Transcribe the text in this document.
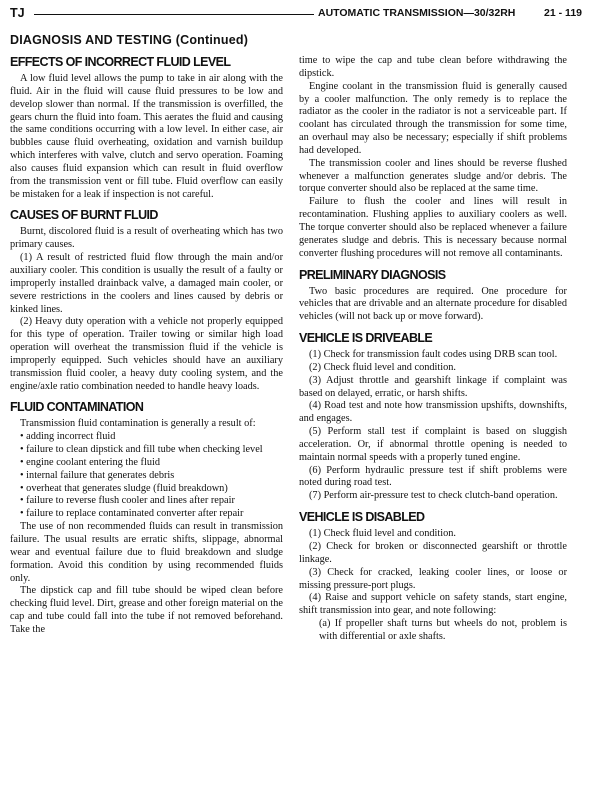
TJ	AUTOMATIC TRANSMISSION—30/32RH	21 - 119
DIAGNOSIS AND TESTING (Continued)
EFFECTS OF INCORRECT FLUID LEVEL

A low fluid level allows the pump to take in air along with the fluid. Air in the fluid will cause fluid pressures to be low and develop slower than normal. If the transmission is overfilled, the gears churn the fluid into foam. This aerates the fluid and causing the same conditions occurring with a low level. In either case, air bubbles cause fluid overheating, oxidation and varnish buildup which interferes with valve, clutch and servo operation. Foaming also causes fluid expansion which can result in fluid overflow from the transmission vent or fill tube. Fluid overflow can easily be mistaken for a leak if inspection is not careful.

CAUSES OF BURNT FLUID

Burnt, discolored fluid is a result of overheating which has two primary causes.

(1) A result of restricted fluid flow through the main and/or auxiliary cooler. This condition is usually the result of a faulty or improperly installed drainback valve, a damaged main cooler, or severe restrictions in the coolers and lines caused by debris or kinked lines.

(2) Heavy duty operation with a vehicle not properly equipped for this type of operation. Trailer towing or similar high load operation will overheat the transmission fluid if the vehicle is improperly equipped. Such vehicles should have an auxiliary transmission fluid cooler, a heavy duty cooling system, and the engine/axle ratio combination needed to handle heavy loads.

FLUID CONTAMINATION

Transmission fluid contamination is generally a result of:

• adding incorrect fluid

• failure to clean dipstick and fill tube when checking level

• engine coolant entering the fluid

• internal failure that generates debris

• overheat that generates sludge (fluid breakdown)

• failure to reverse flush cooler and lines after repair

• failure to replace contaminated converter after repair

The use of non recommended fluids can result in transmission failure. The usual results are erratic shifts, slippage, abnormal wear and eventual failure due to fluid breakdown and sludge formation. Avoid this condition by using recommended fluids only.

The dipstick cap and fill tube should be wiped clean before checking fluid level. Dirt, grease and other foreign material on the cap and tube could fall into the tube if not removed beforehand. Take the

time to wipe the cap and tube clean before withdrawing the dipstick.

Engine coolant in the transmission fluid is generally caused by a cooler malfunction. The only remedy is to replace the radiator as the cooler in the radiator is not a serviceable part. If coolant has circulated through the transmission for some time, an overhaul may also be necessary; especially if shift problems had developed.

The transmission cooler and lines should be reverse flushed whenever a malfunction generates sludge and/or debris. The torque converter should also be replaced at the same time.

Failure to flush the cooler and lines will result in recontamination. Flushing applies to auxiliary coolers as well. The torque converter should also be replaced whenever a failure generates sludge and debris. This is necessary because normal converter flushing procedures will not remove all contaminants.

PRELIMINARY DIAGNOSIS

Two basic procedures are required. One procedure for vehicles that are drivable and an alternate procedure for disabled vehicles (will not back up or move forward).

VEHICLE IS DRIVEABLE

(1) Check for transmission fault codes using DRB scan tool.

(2) Check fluid level and condition.

(3) Adjust throttle and gearshift linkage if complaint was based on delayed, erratic, or harsh shifts.

(4) Road test and note how transmission upshifts, downshifts, and engages.

(5) Perform stall test if complaint is based on sluggish acceleration. Or, if abnormal throttle opening is needed to maintain normal speeds with a properly tuned engine.

(6) Perform hydraulic pressure test if shift problems were noted during road test.

(7) Perform air-pressure test to check clutch-band operation.

VEHICLE IS DISABLED

(1) Check fluid level and condition.

(2) Check for broken or disconnected gearshift or throttle linkage.

(3) Check for cracked, leaking cooler lines, or loose or missing pressure-port plugs.

(4) Raise and support vehicle on safety stands, start engine, shift transmission into gear, and note following:

(a) If propeller shaft turns but wheels do not, problem is with differential or axle shafts.
